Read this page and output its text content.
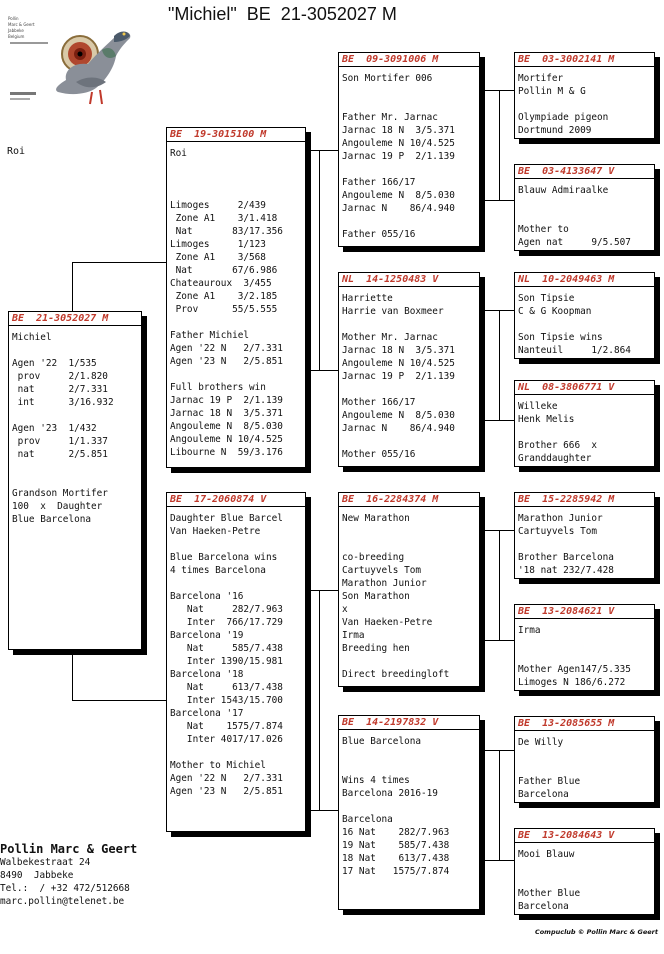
"Michiel"  BE  21-3052027 M
Pollin
Marc & Geert
Jabbeke
Belgium
Roi
BE  21-3052027 M
Michiel
Agen '22  1/535
prov     2/1.820
nat      2/7.331
int      3/16.932
Agen '23  1/432
prov     1/1.337
nat      2/5.851
Grandson Mortifer
100  x  Daughter
Blue Barcelona
BE  19-3015100 M
Roi
Limoges     2/439
Zone A1    3/1.418
Nat       83/17.356
Limoges     1/123
Zone A1    3/568
Nat       67/6.986
Chateauroux  3/455
Zone A1    3/2.185
Prov      55/5.555
Father Michiel
Agen '22 N   2/7.331
Agen '23 N   2/5.851
Full brothers win
Jarnac 19 P  2/1.139
Jarnac 18 N  3/5.371
Angouleme N  8/5.030
Angouleme N 10/4.525
Libourne N  59/3.176
BE  17-2060874 V
Daughter Blue Barcel
Van Haeken-Petre
Blue Barcelona wins
4 times Barcelona
Barcelona '16
Nat     282/7.963
Inter  766/17.729
Barcelona '19
Nat     585/7.438
Inter 1390/15.981
Barcelona '18
Nat     613/7.438
Inter 1543/15.700
Barcelona '17
Nat    1575/7.874
Inter 4017/17.026
Mother to Michiel
Agen '22 N   2/7.331
Agen '23 N   2/5.851
BE  09-3091006 M
Son Mortifer 006
Father Mr. Jarnac
Jarnac 18 N  3/5.371
Angouleme N 10/4.525
Jarnac 19 P  2/1.139
Father 166/17
Angouleme N  8/5.030
Jarnac N    86/4.940
Father 055/16
NL  14-1250483 V
Harriette
Harrie van Boxmeer
Mother Mr. Jarnac
Jarnac 18 N  3/5.371
Angouleme N 10/4.525
Jarnac 19 P  2/1.139
Mother 166/17
Angouleme N  8/5.030
Jarnac N    86/4.940
Mother 055/16
BE  16-2284374 M
New Marathon
co-breeding
Cartuyvels Tom
Marathon Junior
Son Marathon
x
Van Haeken-Petre
Irma
Breeding hen
Direct breedingloft
BE  14-2197832 V
Blue Barcelona
Wins 4 times
Barcelona 2016-19
Barcelona
16 Nat    282/7.963
19 Nat    585/7.438
18 Nat    613/7.438
17 Nat   1575/7.874
BE  03-3002141 M
Mortifer
Pollin M & G
Olympiade pigeon
Dortmund 2009
BE  03-4133647 V
Blauw Admiraalke
Mother to
Agen nat     9/5.507
NL  10-2049463 M
Son Tipsie
C & G Koopman
Son Tipsie wins
Nanteuil     1/2.864
NL  08-3806771 V
Willeke
Henk Melis
Brother 666  x
Granddaughter
BE  15-2285942 M
Marathon Junior
Cartuyvels Tom
Brother Barcelona
'18 nat 232/7.428
BE  13-2084621 V
Irma
Mother Agen147/5.335
Limoges N 186/6.272
BE  13-2085655 M
De Willy
Father Blue
Barcelona
BE  13-2084643 V
Mooi Blauw
Mother Blue
Barcelona
Pollin Marc & Geert
Walbekestraat 24
8490  Jabbeke
Tel.:  / +32 472/512668
marc.pollin@telenet.be
Compuclub © Pollin Marc & Geert
